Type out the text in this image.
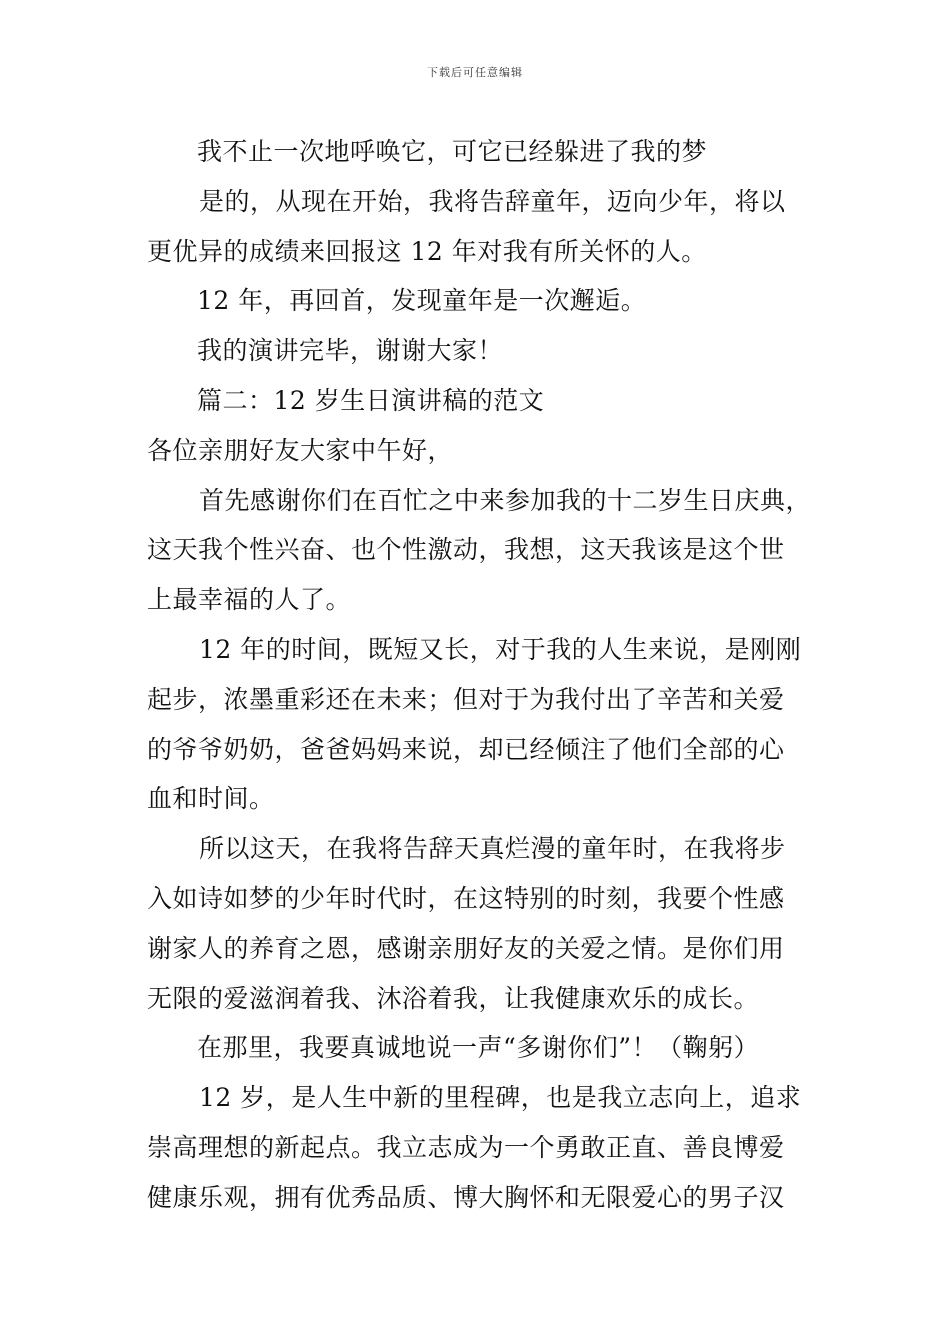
下载后可任意编辑
我不止一次地呼唤它，可它已经躲进了我的梦
是的，从现在开始，我将告辞童年，迈向少年，将以
更优异的成绩来回报这 12 年对我有所关怀的人。
12 年，再回首，发现童年是一次邂逅。
我的演讲完毕，谢谢大家！
篇二：12 岁生日演讲稿的范文
各位亲朋好友大家中午好，
首先感谢你们在百忙之中来参加我的十二岁生日庆典，
这天我个性兴奋、也个性激动，我想，这天我该是这个世
上最幸福的人了。
12 年的时间，既短又长，对于我的人生来说，是刚刚
起步，浓墨重彩还在未来；但对于为我付出了辛苦和关爱
的爷爷奶奶，爸爸妈妈来说，却已经倾注了他们全部的心
血和时间。
所以这天，在我将告辞天真烂漫的童年时，在我将步
入如诗如梦的少年时代时，在这特别的时刻，我要个性感
谢家人的养育之恩，感谢亲朋好友的关爱之情。是你们用
无限的爱滋润着我、沐浴着我，让我健康欢乐的成长。
在那里，我要真诚地说一声“多谢你们”！（鞠躬）
12 岁，是人生中新的里程碑，也是我立志向上，追求
崇高理想的新起点。我立志成为一个勇敢正直、善良博爱
健康乐观，拥有优秀品质、博大胸怀和无限爱心的男子汉
